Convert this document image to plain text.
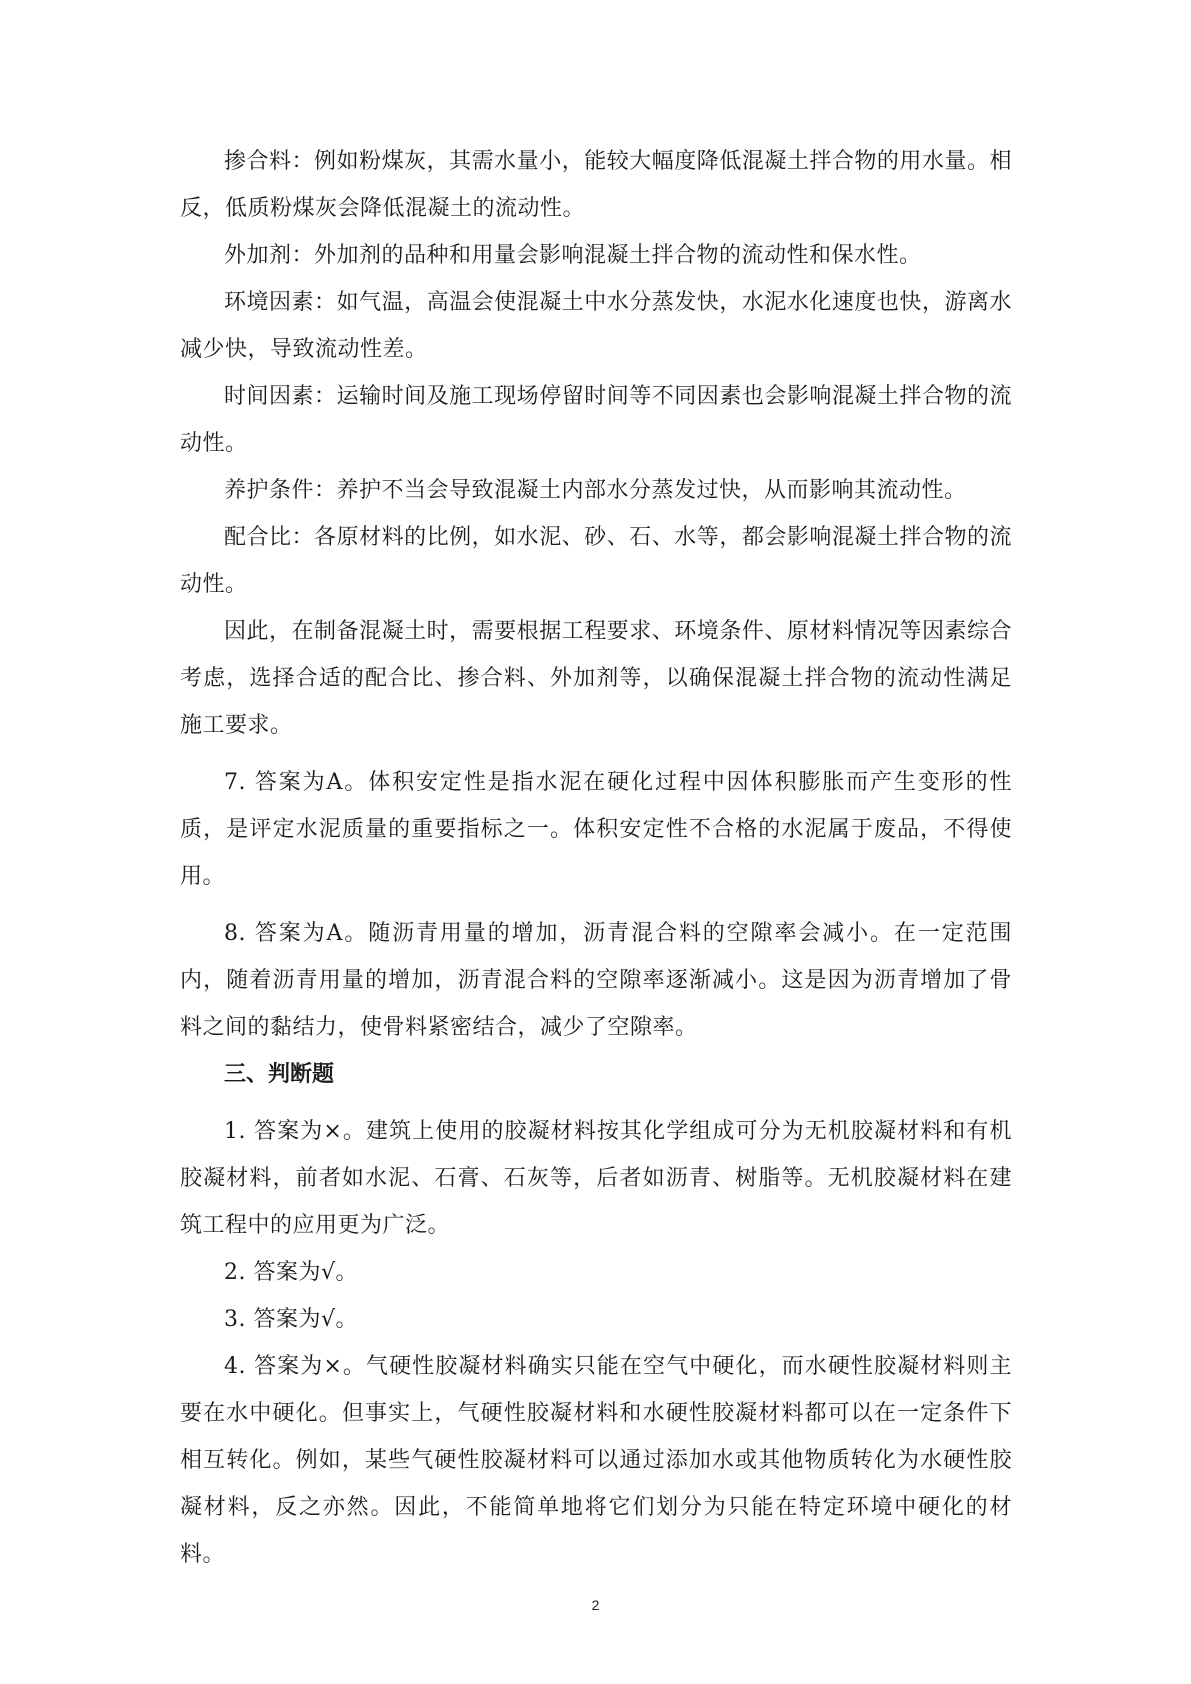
掺合料：例如粉煤灰，其需水量小，能较大幅度降低混凝土拌合物的用水量。相反，低质粉煤灰会降低混凝土的流动性。

外加剂：外加剂的品种和用量会影响混凝土拌合物的流动性和保水性。

环境因素：如气温，高温会使混凝土中水分蒸发快，水泥水化速度也快，游离水减少快，导致流动性差。

时间因素：运输时间及施工现场停留时间等不同因素也会影响混凝土拌合物的流动性。

养护条件：养护不当会导致混凝土内部水分蒸发过快，从而影响其流动性。

配合比：各原材料的比例，如水泥、砂、石、水等，都会影响混凝土拌合物的流动性。

因此，在制备混凝土时，需要根据工程要求、环境条件、原材料情况等因素综合考虑，选择合适的配合比、掺合料、外加剂等，以确保混凝土拌合物的流动性满足施工要求。

7. 答案为A。体积安定性是指水泥在硬化过程中因体积膨胀而产生变形的性质，是评定水泥质量的重要指标之一。体积安定性不合格的水泥属于废品，不得使用。

8. 答案为A。随沥青用量的增加，沥青混合料的空隙率会减小。在一定范围内，随着沥青用量的增加，沥青混合料的空隙率逐渐减小。这是因为沥青增加了骨料之间的黏结力，使骨料紧密结合，减少了空隙率。

三、判断题

1. 答案为×。建筑上使用的胶凝材料按其化学组成可分为无机胶凝材料和有机胶凝材料，前者如水泥、石膏、石灰等，后者如沥青、树脂等。无机胶凝材料在建筑工程中的应用更为广泛。

2. 答案为√。

3. 答案为√。

4. 答案为×。气硬性胶凝材料确实只能在空气中硬化，而水硬性胶凝材料则主要在水中硬化。但事实上，气硬性胶凝材料和水硬性胶凝材料都可以在一定条件下相互转化。例如，某些气硬性胶凝材料可以通过添加水或其他物质转化为水硬性胶凝材料，反之亦然。因此，不能简单地将它们划分为只能在特定环境中硬化的材料。

2
